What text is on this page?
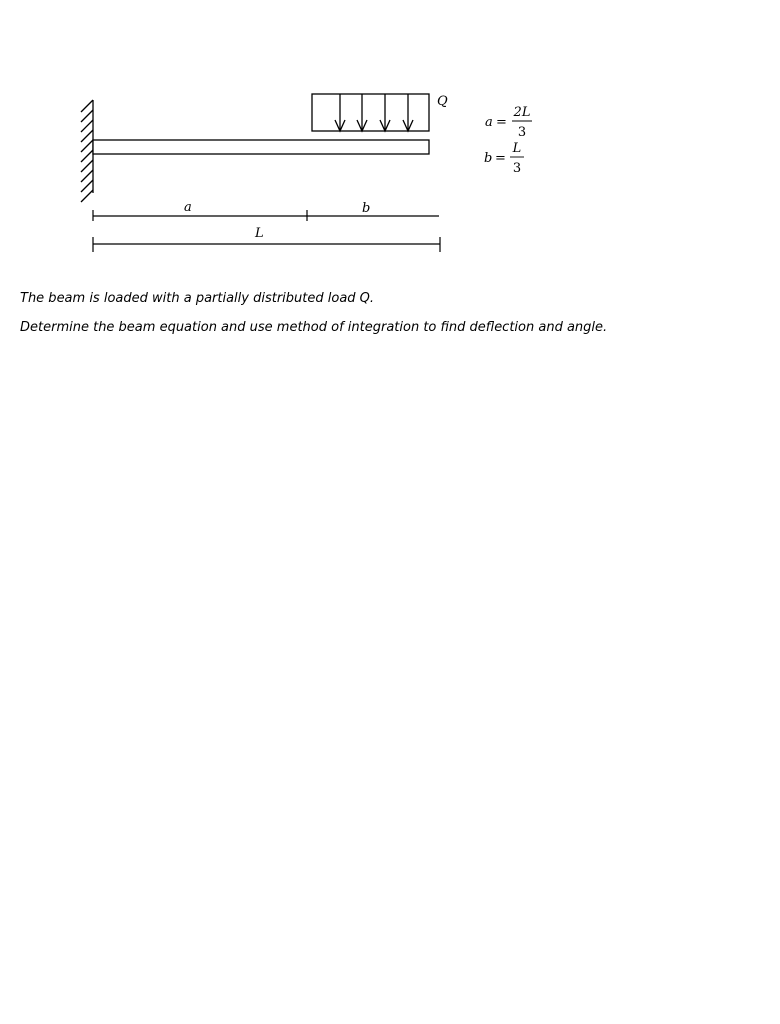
Q
a	b
L
a =
2L
3
b =
L
3

The beam is loaded with a partially distributed load Q.

Determine the beam equation and use method of integration to find deflection and angle.
